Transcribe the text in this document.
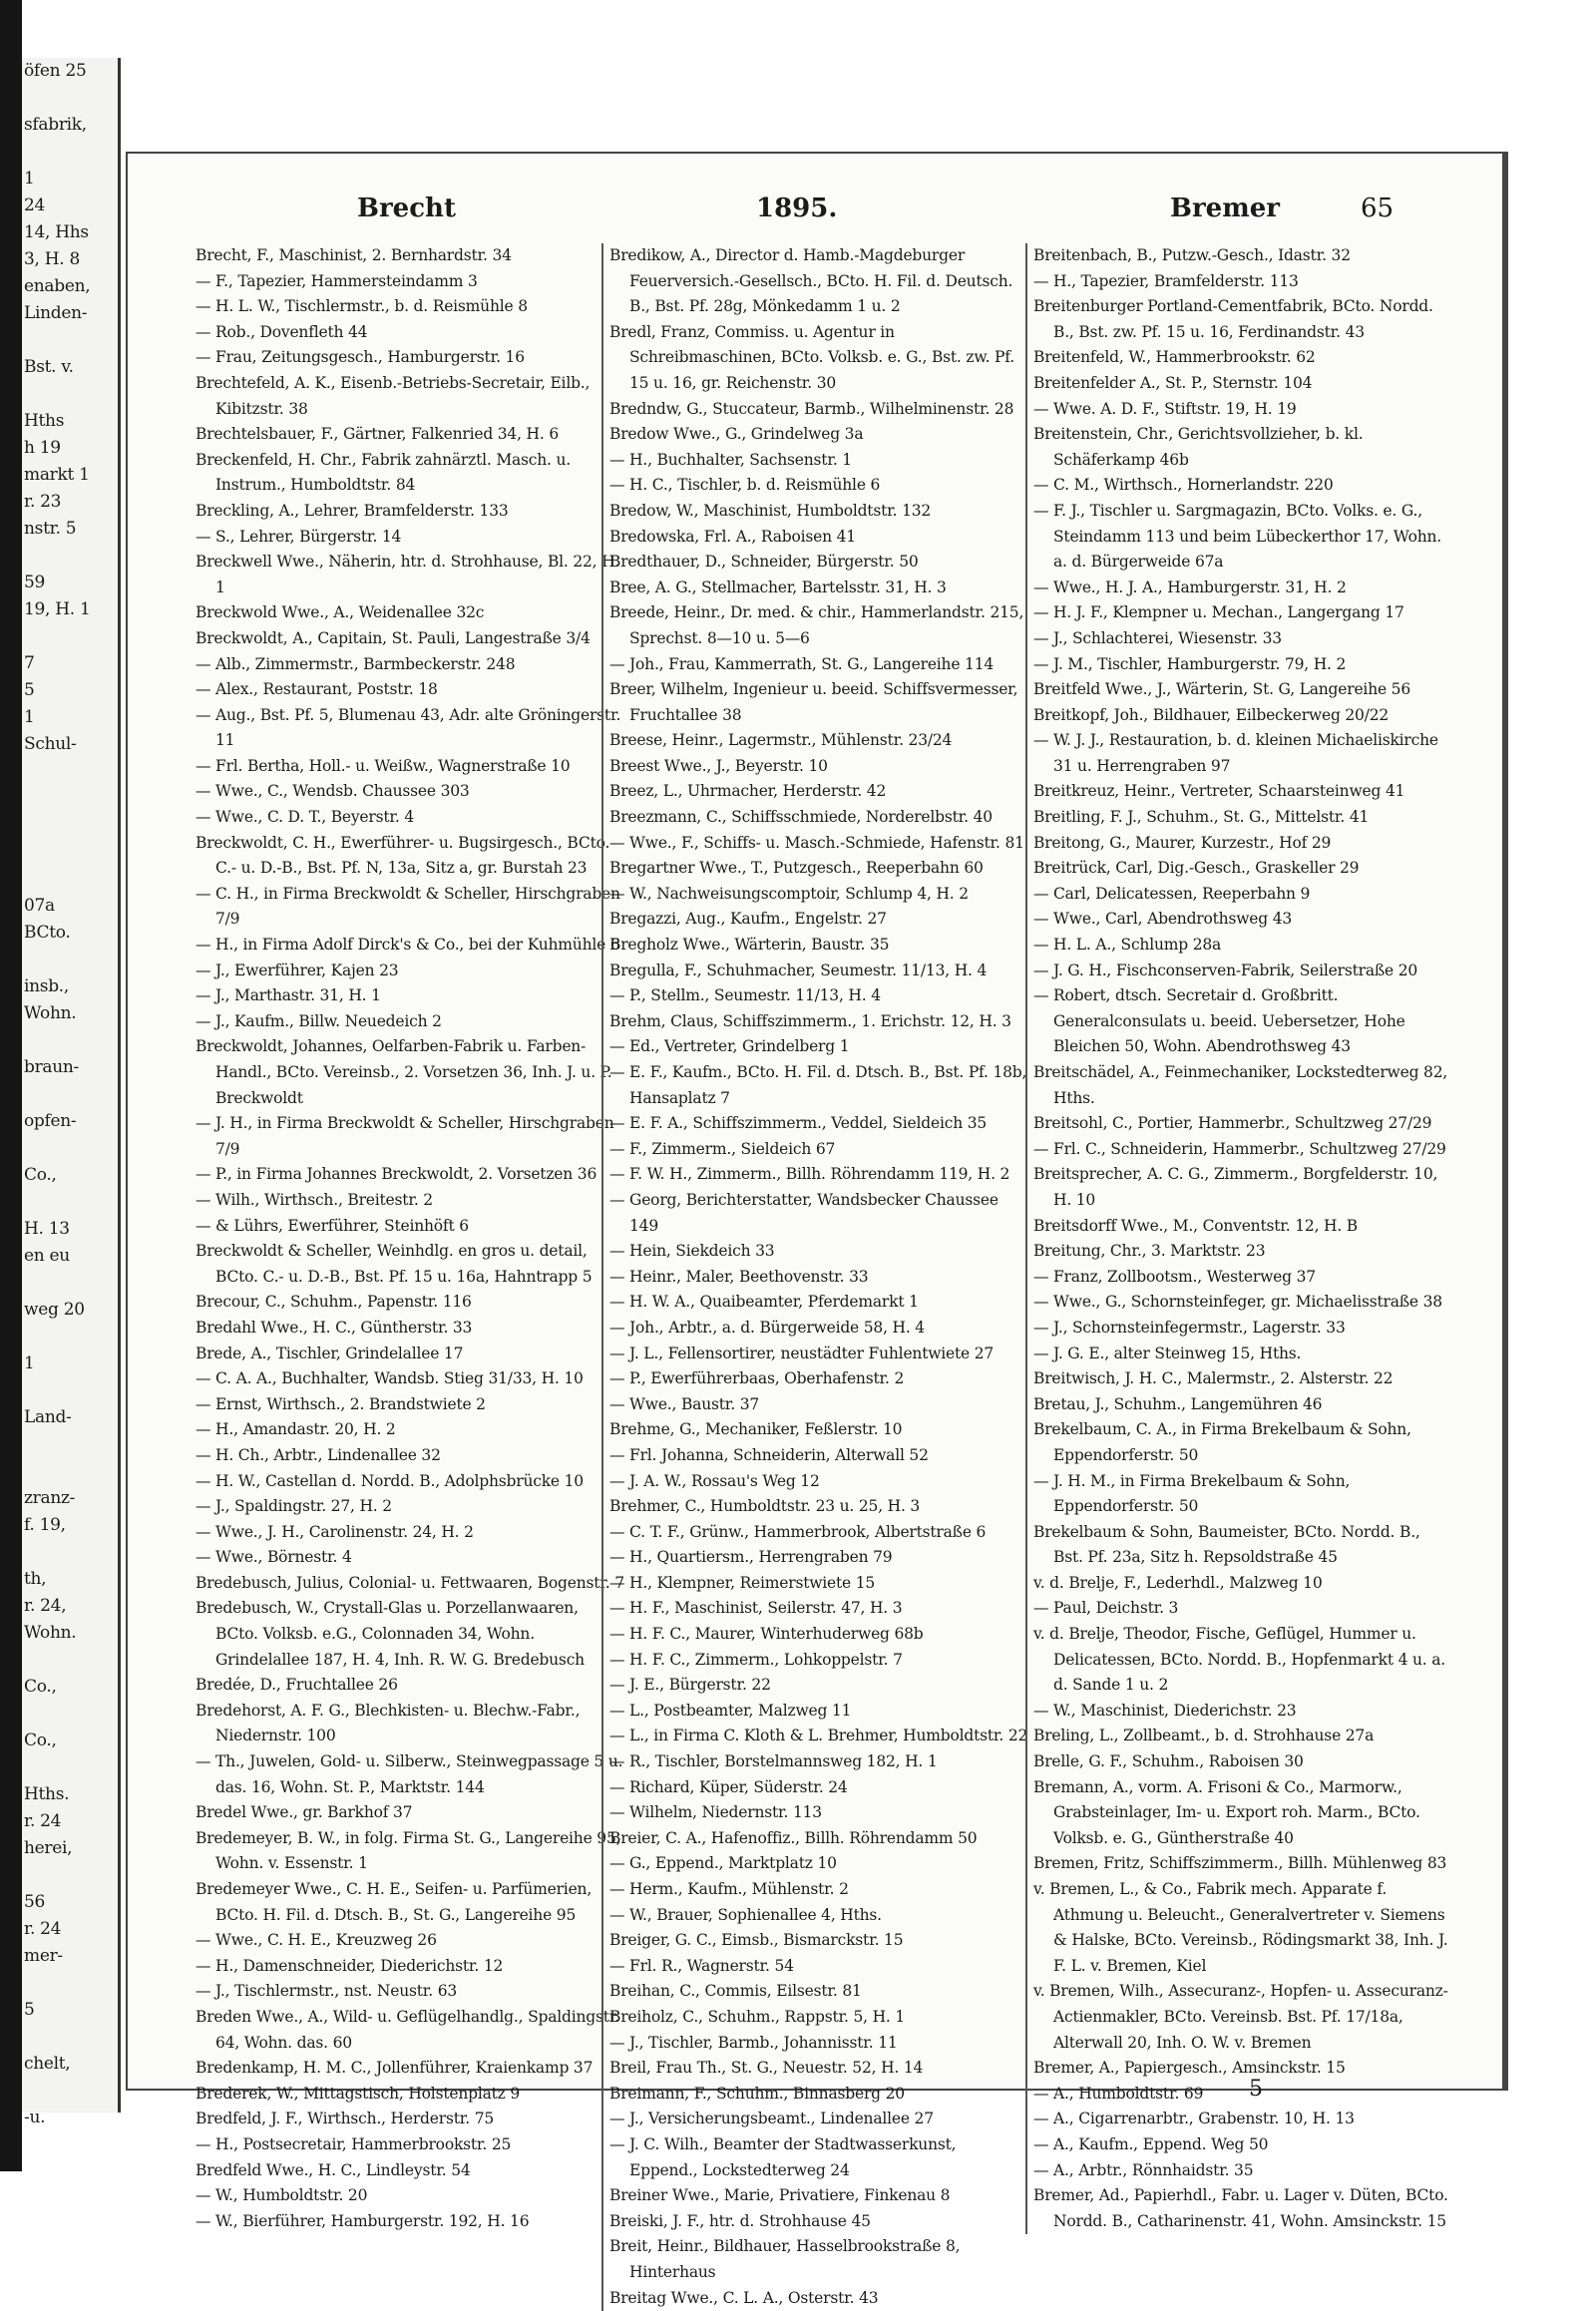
öfen 25

sfabrik,

1
24
14, Hhs
3, H. 8
enaben,
Linden-

Bst. v.

Hths
h 19
markt 1
r. 23
nstr. 5

59
19, H. 1

7
5
1
Schul-

07a
BCto.

insb.,
Wohn.

braun-

opfen-

Co.,

H. 13
en eu

weg 20

1

Land-

zranz-
f. 19,

th,
r. 24,
Wohn.

Co.,

Co.,

Hths.
r. 24
herei,

56
r. 24
mer-

5

chelt,

-u.
Brecht	1895.	Bremer	65

Brecht, F., Maschinist, 2. Bernhardstr. 34

— F., Tapezier, Hammersteindamm 3

— H. L. W., Tischlermstr., b. d. Reismühle 8

— Rob., Dovenfleth 44

— Frau, Zeitungsgesch., Hamburgerstr. 16

Brechtefeld, A. K., Eisenb.-Betriebs-Secretair, Eilb., Kibitzstr. 38

Brechtelsbauer, F., Gärtner, Falkenried 34, H. 6

Breckenfeld, H. Chr., Fabrik zahnärztl. Masch. u. Instrum., Humboldtstr. 84

Breckling, A., Lehrer, Bramfelderstr. 133

— S., Lehrer, Bürgerstr. 14

Breckwell Wwe., Näherin, htr. d. Strohhause, Bl. 22, H. 1

Breckwold Wwe., A., Weidenallee 32c

Breckwoldt, A., Capitain, St. Pauli, Langestraße 3/4

— Alb., Zimmermstr., Barmbeckerstr. 248

— Alex., Restaurant, Poststr. 18

— Aug., Bst. Pf. 5, Blumenau 43, Adr. alte Gröningerstr. 11

— Frl. Bertha, Holl.- u. Weißw., Wagnerstraße 10

— Wwe., C., Wendsb. Chaussee 303

— Wwe., C. D. T., Beyerstr. 4

Breckwoldt, C. H., Ewerführer- u. Bugsirgesch., BCto. C.- u. D.-B., Bst. Pf. N, 13a, Sitz a, gr. Burstah 23

— C. H., in Firma Breckwoldt & Scheller, Hirschgraben 7/9

— H., in Firma Adolf Dirck's & Co., bei der Kuhmühle 6

— J., Ewerführer, Kajen 23

— J., Marthastr. 31, H. 1

— J., Kaufm., Billw. Neuedeich 2

Breckwoldt, Johannes, Oelfarben-Fabrik u. Farben-Handl., BCto. Vereinsb., 2. Vorsetzen 36, Inh. J. u. P. Breckwoldt

— J. H., in Firma Breckwoldt & Scheller, Hirschgraben 7/9

— P., in Firma Johannes Breckwoldt, 2. Vorsetzen 36

— Wilh., Wirthsch., Breitestr. 2

— & Lührs, Ewerführer, Steinhöft 6

Breckwoldt & Scheller, Weinhdlg. en gros u. detail, BCto. C.- u. D.-B., Bst. Pf. 15 u. 16a, Hahntrapp 5

Brecour, C., Schuhm., Papenstr. 116

Bredahl Wwe., H. C., Güntherstr. 33

Brede, A., Tischler, Grindelallee 17

— C. A. A., Buchhalter, Wandsb. Stieg 31/33, H. 10

— Ernst, Wirthsch., 2. Brandstwiete 2

— H., Amandastr. 20, H. 2

— H. Ch., Arbtr., Lindenallee 32

— H. W., Castellan d. Nordd. B., Adolphsbrücke 10

— J., Spaldingstr. 27, H. 2

— Wwe., J. H., Carolinenstr. 24, H. 2

— Wwe., Börnestr. 4

Bredebusch, Julius, Colonial- u. Fettwaaren, Bogenstr. 7

Bredebusch, W., Crystall-Glas u. Porzellanwaaren, BCto. Volksb. e.G., Colonnaden 34, Wohn. Grindelallee 187, H. 4, Inh. R. W. G. Bredebusch

Bredée, D., Fruchtallee 26

Bredehorst, A. F. G., Blechkisten- u. Blechw.-Fabr., Niedernstr. 100

— Th., Juwelen, Gold- u. Silberw., Steinwegpassage 5 u. das. 16, Wohn. St. P., Marktstr. 144

Bredel Wwe., gr. Barkhof 37

Bredemeyer, B. W., in folg. Firma St. G., Langereihe 95, Wohn. v. Essenstr. 1

Bredemeyer Wwe., C. H. E., Seifen- u. Parfümerien, BCto. H. Fil. d. Dtsch. B., St. G., Langereihe 95

— Wwe., C. H. E., Kreuzweg 26

— H., Damenschneider, Diederichstr. 12

— J., Tischlermstr., nst. Neustr. 63

Breden Wwe., A., Wild- u. Geflügelhandlg., Spaldingstr. 64, Wohn. das. 60

Bredenkamp, H. M. C., Jollenführer, Kraienkamp 37

Brederek, W., Mittagstisch, Holstenplatz 9

Bredfeld, J. F., Wirthsch., Herderstr. 75

— H., Postsecretair, Hammerbrookstr. 25

Bredfeld Wwe., H. C., Lindleystr. 54

— W., Humboldtstr. 20

— W., Bierführer, Hamburgerstr. 192, H. 16

Bredikow, A., Director d. Hamb.-Magdeburger Feuerversich.-Gesellsch., BCto. H. Fil. d. Deutsch. B., Bst. Pf. 28g, Mönkedamm 1 u. 2

Bredl, Franz, Commiss. u. Agentur in Schreibmaschinen, BCto. Volksb. e. G., Bst. zw. Pf. 15 u. 16, gr. Reichenstr. 30

Bredndw, G., Stuccateur, Barmb., Wilhelminenstr. 28

Bredow Wwe., G., Grindelweg 3a

— H., Buchhalter, Sachsenstr. 1

— H. C., Tischler, b. d. Reismühle 6

Bredow, W., Maschinist, Humboldtstr. 132

Bredowska, Frl. A., Raboisen 41

Bredthauer, D., Schneider, Bürgerstr. 50

Bree, A. G., Stellmacher, Bartelsstr. 31, H. 3

Breede, Heinr., Dr. med. & chir., Hammerlandstr. 215, Sprechst. 8—10 u. 5—6

— Joh., Frau, Kammerrath, St. G., Langereihe 114

Breer, Wilhelm, Ingenieur u. beeid. Schiffsvermesser, Fruchtallee 38

Breese, Heinr., Lagermstr., Mühlenstr. 23/24

Breest Wwe., J., Beyerstr. 10

Breez, L., Uhrmacher, Herderstr. 42

Breezmann, C., Schiffsschmiede, Norderelbstr. 40

— Wwe., F., Schiffs- u. Masch.-Schmiede, Hafenstr. 81

Bregartner Wwe., T., Putzgesch., Reeperbahn 60

— W., Nachweisungscomptoir, Schlump 4, H. 2

Bregazzi, Aug., Kaufm., Engelstr. 27

Bregholz Wwe., Wärterin, Baustr. 35

Bregulla, F., Schuhmacher, Seumestr. 11/13, H. 4

— P., Stellm., Seumestr. 11/13, H. 4

Brehm, Claus, Schiffszimmerm., 1. Erichstr. 12, H. 3

— Ed., Vertreter, Grindelberg 1

— E. F., Kaufm., BCto. H. Fil. d. Dtsch. B., Bst. Pf. 18b, Hansaplatz 7

— E. F. A., Schiffszimmerm., Veddel, Sieldeich 35

— F., Zimmerm., Sieldeich 67

— F. W. H., Zimmerm., Billh. Röhrendamm 119, H. 2

— Georg, Berichterstatter, Wandsbecker Chaussee 149

— Hein, Siekdeich 33

— Heinr., Maler, Beethovenstr. 33

— H. W. A., Quaibeamter, Pferdemarkt 1

— Joh., Arbtr., a. d. Bürgerweide 58, H. 4

— J. L., Fellensortirer, neustädter Fuhlentwiete 27

— P., Ewerführerbaas, Oberhafenstr. 2

— Wwe., Baustr. 37

Brehme, G., Mechaniker, Feßlerstr. 10

— Frl. Johanna, Schneiderin, Alterwall 52

— J. A. W., Rossau's Weg 12

Brehmer, C., Humboldtstr. 23 u. 25, H. 3

— C. T. F., Grünw., Hammerbrook, Albertstraße 6

— H., Quartiersm., Herrengraben 79

— H., Klempner, Reimerstwiete 15

— H. F., Maschinist, Seilerstr. 47, H. 3

— H. F. C., Maurer, Winterhuderweg 68b

— H. F. C., Zimmerm., Lohkoppelstr. 7

— J. E., Bürgerstr. 22

— L., Postbeamter, Malzweg 11

— L., in Firma C. Kloth & L. Brehmer, Humboldtstr. 22

— R., Tischler, Borstelmannsweg 182, H. 1

— Richard, Küper, Süderstr. 24

— Wilhelm, Niedernstr. 113

Breier, C. A., Hafenoffiz., Billh. Röhrendamm 50

— G., Eppend., Marktplatz 10

— Herm., Kaufm., Mühlenstr. 2

— W., Brauer, Sophienallee 4, Hths.

Breiger, G. C., Eimsb., Bismarckstr. 15

— Frl. R., Wagnerstr. 54

Breihan, C., Commis, Eilsestr. 81

Breiholz, C., Schuhm., Rappstr. 5, H. 1

— J., Tischler, Barmb., Johannisstr. 11

Breil, Frau Th., St. G., Neuestr. 52, H. 14

Breimann, F., Schuhm., Binnasberg 20

— J., Versicherungsbeamt., Lindenallee 27

— J. C. Wilh., Beamter der Stadtwasserkunst, Eppend., Lockstedterweg 24

Breiner Wwe., Marie, Privatiere, Finkenau 8

Breiski, J. F., htr. d. Strohhause 45

Breit, Heinr., Bildhauer, Hasselbrookstraße 8, Hinterhaus

Breitag Wwe., C. L. A., Osterstr. 43

Breitenbach, B., Putzw.-Gesch., Idastr. 32

— H., Tapezier, Bramfelderstr. 113

Breitenburger Portland-Cementfabrik, BCto. Nordd. B., Bst. zw. Pf. 15 u. 16, Ferdinandstr. 43

Breitenfeld, W., Hammerbrookstr. 62

Breitenfelder A., St. P., Sternstr. 104

— Wwe. A. D. F., Stiftstr. 19, H. 19

Breitenstein, Chr., Gerichtsvollzieher, b. kl. Schäferkamp 46b

— C. M., Wirthsch., Hornerlandstr. 220

— F. J., Tischler u. Sargmagazin, BCto. Volks. e. G., Steindamm 113 und beim Lübeckerthor 17, Wohn. a. d. Bürgerweide 67a

— Wwe., H. J. A., Hamburgerstr. 31, H. 2

— H. J. F., Klempner u. Mechan., Langergang 17

— J., Schlachterei, Wiesenstr. 33

— J. M., Tischler, Hamburgerstr. 79, H. 2

Breitfeld Wwe., J., Wärterin, St. G, Langereihe 56

Breitkopf, Joh., Bildhauer, Eilbeckerweg 20/22

— W. J. J., Restauration, b. d. kleinen Michaeliskirche 31 u. Herrengraben 97

Breitkreuz, Heinr., Vertreter, Schaarsteinweg 41

Breitling, F. J., Schuhm., St. G., Mittelstr. 41

Breitong, G., Maurer, Kurzestr., Hof 29

Breitrück, Carl, Dig.-Gesch., Graskeller 29

— Carl, Delicatessen, Reeperbahn 9

— Wwe., Carl, Abendrothsweg 43

— H. L. A., Schlump 28a

— J. G. H., Fischconserven-Fabrik, Seilerstraße 20

— Robert, dtsch. Secretair d. Großbritt. Generalconsulats u. beeid. Uebersetzer, Hohe Bleichen 50, Wohn. Abendrothsweg 43

Breitschädel, A., Feinmechaniker, Lockstedterweg 82, Hths.

Breitsohl, C., Portier, Hammerbr., Schultzweg 27/29

— Frl. C., Schneiderin, Hammerbr., Schultzweg 27/29

Breitsprecher, A. C. G., Zimmerm., Borgfelderstr. 10, H. 10

Breitsdorff Wwe., M., Conventstr. 12, H. B

Breitung, Chr., 3. Marktstr. 23

— Franz, Zollbootsm., Westerweg 37

— Wwe., G., Schornsteinfeger, gr. Michaelisstraße 38

— J., Schornsteinfegermstr., Lagerstr. 33

— J. G. E., alter Steinweg 15, Hths.

Breitwisch, J. H. C., Malermstr., 2. Alsterstr. 22

Bretau, J., Schuhm., Langemühren 46

Brekelbaum, C. A., in Firma Brekelbaum & Sohn, Eppendorferstr. 50

— J. H. M., in Firma Brekelbaum & Sohn, Eppendorferstr. 50

Brekelbaum & Sohn, Baumeister, BCto. Nordd. B., Bst. Pf. 23a, Sitz h. Repsoldstraße 45

v. d. Brelje, F., Lederhdl., Malzweg 10

— Paul, Deichstr. 3

v. d. Brelje, Theodor, Fische, Geflügel, Hummer u. Delicatessen, BCto. Nordd. B., Hopfenmarkt 4 u. a. d. Sande 1 u. 2

— W., Maschinist, Diederichstr. 23

Breling, L., Zollbeamt., b. d. Strohhause 27a

Brelle, G. F., Schuhm., Raboisen 30

Bremann, A., vorm. A. Frisoni & Co., Marmorw., Grabsteinlager, Im- u. Export roh. Marm., BCto. Volksb. e. G., Güntherstraße 40

Bremen, Fritz, Schiffszimmerm., Billh. Mühlenweg 83

v. Bremen, L., & Co., Fabrik mech. Apparate f. Athmung u. Beleucht., Generalvertreter v. Siemens & Halske, BCto. Vereinsb., Rödingsmarkt 38, Inh. J. F. L. v. Bremen, Kiel

v. Bremen, Wilh., Assecuranz-, Hopfen- u. Assecuranz-Actienmakler, BCto. Vereinsb. Bst. Pf. 17/18a, Alterwall 20, Inh. O. W. v. Bremen

Bremer, A., Papiergesch., Amsinckstr. 15

— A., Humboldtstr. 69

— A., Cigarrenarbtr., Grabenstr. 10, H. 13

— A., Kaufm., Eppend. Weg 50

— A., Arbtr., Rönnhaidstr. 35

Bremer, Ad., Papierhdl., Fabr. u. Lager v. Düten, BCto. Nordd. B., Catharinenstr. 41, Wohn. Amsinckstr. 15

5
